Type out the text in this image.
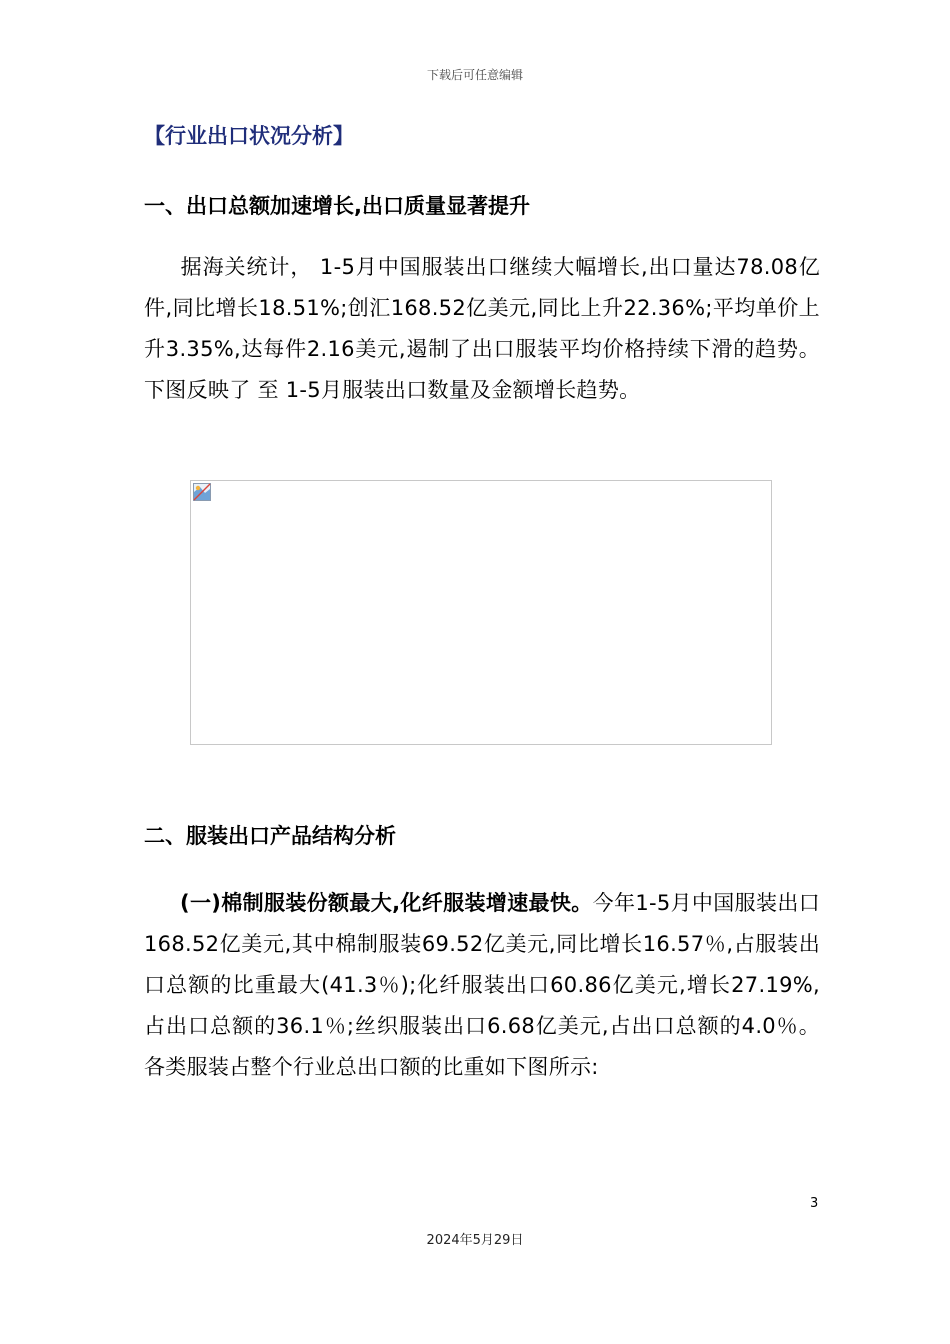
下载后可任意编辑
【行业出口状况分析】
一、出口总额加速增长,出口质量显著提升
据海关统计， 1-5月中国服装出口继续大幅增长,出口量达78.08亿件,同比增长18.51%;创汇168.52亿美元,同比上升22.36%;平均单价上升3.35%,达每件2.16美元,遏制了出口服装平均价格持续下滑的趋势。下图反映了 至 1-5月服装出口数量及金额增长趋势。
二、服装出口产品结构分析
(一)棉制服装份额最大,化纤服装增速最快。今年1-5月中国服装出口 168.52亿美元,其中棉制服装69.52亿美元,同比增长16.57％,占服装出口总额的比重最大(41.3％);化纤服装出口60.86亿美元,增长27.19%,占出口总额的36.1％;丝织服装出口6.68亿美元,占出口总额的4.0％。各类服装占整个行业总出口额的比重如下图所示:
3
2024年5月29日
